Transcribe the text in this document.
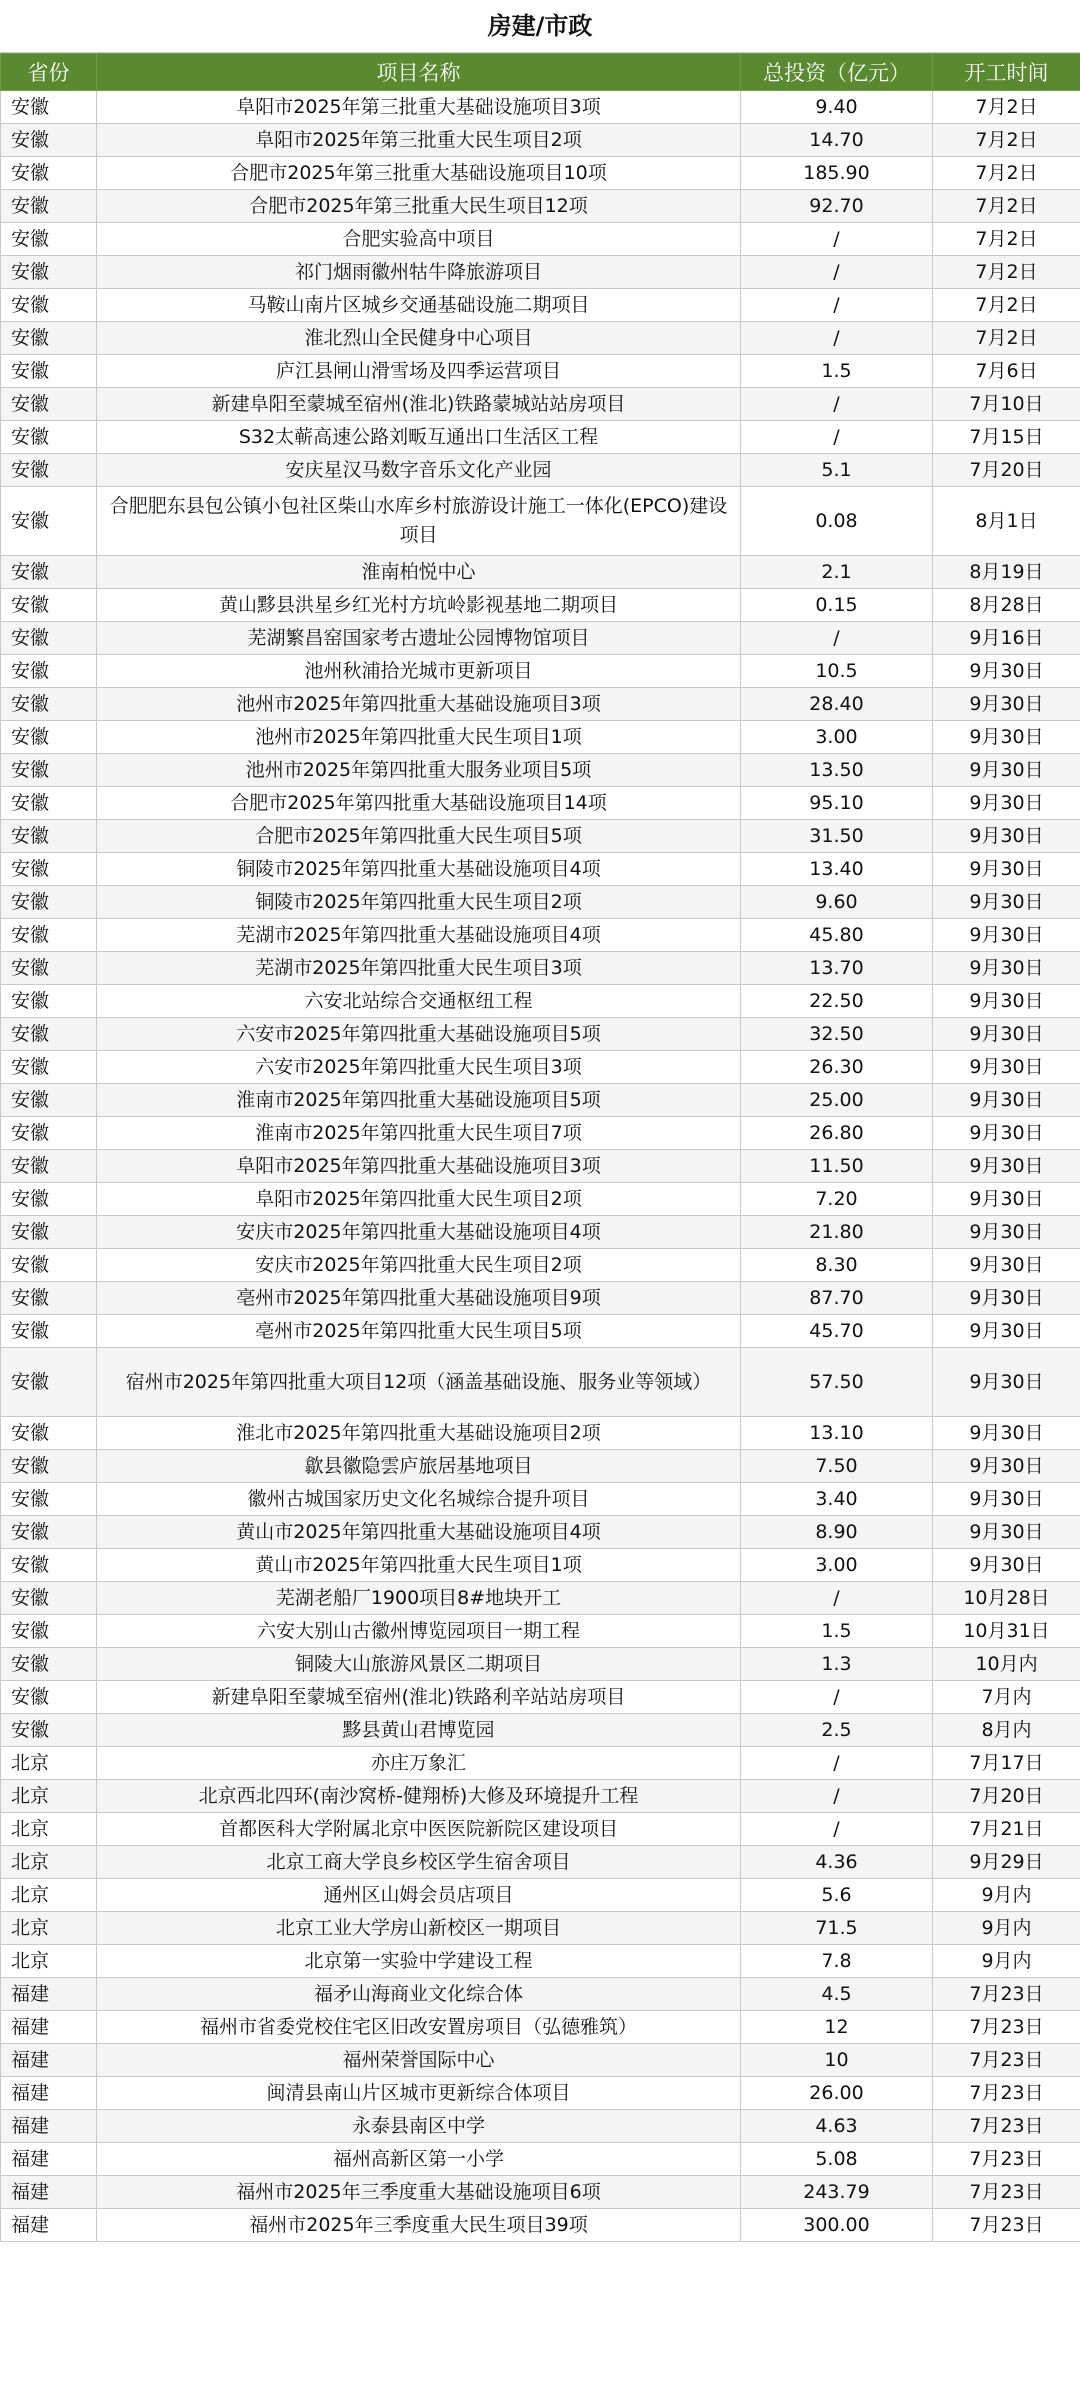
房建/市政
省份	项目名称	总投资（亿元）	开工时间
安徽	阜阳市2025年第三批重大基础设施项目3项	9.40	7月2日
安徽	阜阳市2025年第三批重大民生项目2项	14.70	7月2日
安徽	合肥市2025年第三批重大基础设施项目10项	185.90	7月2日
安徽	合肥市2025年第三批重大民生项目12项	92.70	7月2日
安徽	合肥实验高中项目	/	7月2日
安徽	祁门烟雨徽州牯牛降旅游项目	/	7月2日
安徽	马鞍山南片区城乡交通基础设施二期项目	/	7月2日
安徽	淮北烈山全民健身中心项目	/	7月2日
安徽	庐江县闸山滑雪场及四季运营项目	1.5	7月6日
安徽	新建阜阳至蒙城至宿州(淮北)铁路蒙城站站房项目	/	7月10日
安徽	S32太蕲高速公路刘畈互通出口生活区工程	/	7月15日
安徽	安庆星汉马数字音乐文化产业园	5.1	7月20日
安徽	合肥肥东县包公镇小包社区柴山水库乡村旅游设计施工一体化(EPCO)建设项目	0.08	8月1日
安徽	淮南柏悦中心	2.1	8月19日
安徽	黄山黟县洪星乡红光村方坑岭影视基地二期项目	0.15	8月28日
安徽	芜湖繁昌窑国家考古遗址公园博物馆项目	/	9月16日
安徽	池州秋浦拾光城市更新项目	10.5	9月30日
安徽	池州市2025年第四批重大基础设施项目3项	28.40	9月30日
安徽	池州市2025年第四批重大民生项目1项	3.00	9月30日
安徽	池州市2025年第四批重大服务业项目5项	13.50	9月30日
安徽	合肥市2025年第四批重大基础设施项目14项	95.10	9月30日
安徽	合肥市2025年第四批重大民生项目5项	31.50	9月30日
安徽	铜陵市2025年第四批重大基础设施项目4项	13.40	9月30日
安徽	铜陵市2025年第四批重大民生项目2项	9.60	9月30日
安徽	芜湖市2025年第四批重大基础设施项目4项	45.80	9月30日
安徽	芜湖市2025年第四批重大民生项目3项	13.70	9月30日
安徽	六安北站综合交通枢纽工程	22.50	9月30日
安徽	六安市2025年第四批重大基础设施项目5项	32.50	9月30日
安徽	六安市2025年第四批重大民生项目3项	26.30	9月30日
安徽	淮南市2025年第四批重大基础设施项目5项	25.00	9月30日
安徽	淮南市2025年第四批重大民生项目7项	26.80	9月30日
安徽	阜阳市2025年第四批重大基础设施项目3项	11.50	9月30日
安徽	阜阳市2025年第四批重大民生项目2项	7.20	9月30日
安徽	安庆市2025年第四批重大基础设施项目4项	21.80	9月30日
安徽	安庆市2025年第四批重大民生项目2项	8.30	9月30日
安徽	亳州市2025年第四批重大基础设施项目9项	87.70	9月30日
安徽	亳州市2025年第四批重大民生项目5项	45.70	9月30日
安徽	宿州市2025年第四批重大项目12项（涵盖基础设施、服务业等领域）	57.50	9月30日
安徽	淮北市2025年第四批重大基础设施项目2项	13.10	9月30日
安徽	歙县徽隐雲庐旅居基地项目	7.50	9月30日
安徽	徽州古城国家历史文化名城综合提升项目	3.40	9月30日
安徽	黄山市2025年第四批重大基础设施项目4项	8.90	9月30日
安徽	黄山市2025年第四批重大民生项目1项	3.00	9月30日
安徽	芜湖老船厂1900项目8#地块开工	/	10月28日
安徽	六安大别山古徽州博览园项目一期工程	1.5	10月31日
安徽	铜陵大山旅游风景区二期项目	1.3	10月内
安徽	新建阜阳至蒙城至宿州(淮北)铁路利辛站站房项目	/	7月内
安徽	黟县黄山君博览园	2.5	8月内
北京	亦庄万象汇	/	7月17日
北京	北京西北四环(南沙窝桥-健翔桥)大修及环境提升工程	/	7月20日
北京	首都医科大学附属北京中医医院新院区建设项目	/	7月21日
北京	北京工商大学良乡校区学生宿舍项目	4.36	9月29日
北京	通州区山姆会员店项目	5.6	9月内
北京	北京工业大学房山新校区一期项目	71.5	9月内
北京	北京第一实验中学建设工程	7.8	9月内
福建	福矛山海商业文化综合体	4.5	7月23日
福建	福州市省委党校住宅区旧改安置房项目（弘德雅筑）	12	7月23日
福建	福州荣誉国际中心	10	7月23日
福建	闽清县南山片区城市更新综合体项目	26.00	7月23日
福建	永泰县南区中学	4.63	7月23日
福建	福州高新区第一小学	5.08	7月23日
福建	福州市2025年三季度重大基础设施项目6项	243.79	7月23日
福建	福州市2025年三季度重大民生项目39项	300.00	7月23日
